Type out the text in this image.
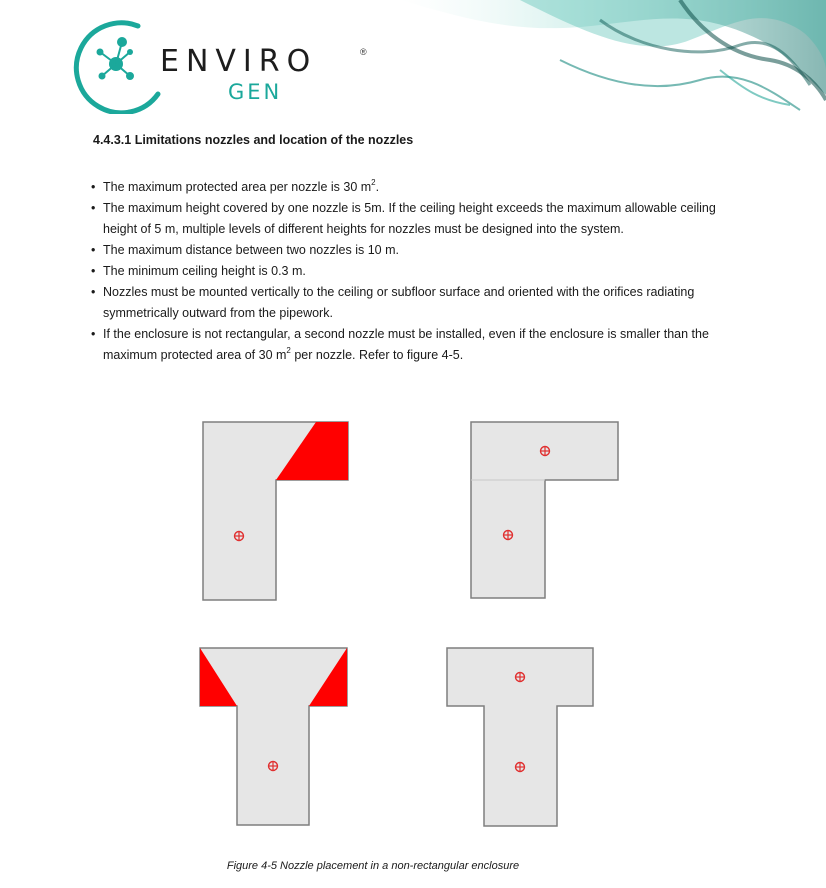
ENVIRO	®
GEN
4.4.3.1 Limitations nozzles and location of the nozzles
• The maximum protected area per nozzle is 30 $m^2$.
• The maximum height covered by one nozzle is 5m. If the ceiling height exceeds the maximum allowable ceiling height of 5 m, multiple levels of different heights for nozzles must be designed into the system.
• The maximum distance between two nozzles is 10 m.
• The minimum ceiling height is 0.3 m.
• Nozzles must be mounted vertically to the ceiling or subfloor surface and oriented with the orifices radiating symmetrically outward from the pipework.
• If the enclosure is not rectangular, a second nozzle must be installed, even if the enclosure is smaller than the maximum protected area of 30 $m^2$ per nozzle. Refer to figure 4-5.
Figure 4-5 Nozzle placement in a non-rectangular enclosure
